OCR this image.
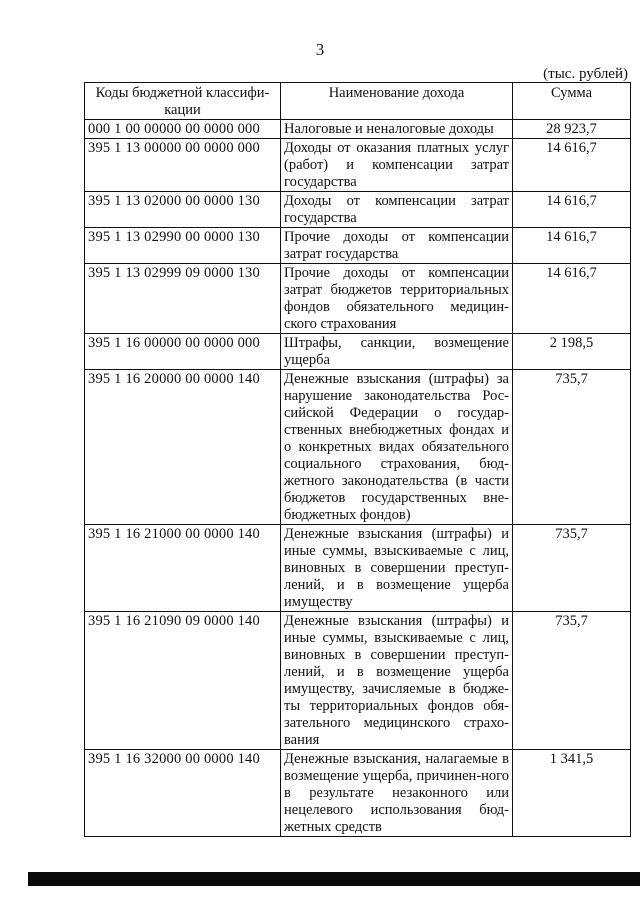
3
(тыс. рублей)
Коды бюджетной классифи-кации	Наименование дохода	Сумма
000 1 00 00000 00 0000 000	Налоговые и неналоговые доходы	28 923,7
395 1 13 00000 00 0000 000	Доходы от оказания платных услуг (работ) и компенсации затрат государства	14 616,7
395 1 13 02000 00 0000 130	Доходы от компенсации затрат государства	14 616,7
395 1 13 02990 00 0000 130	Прочие доходы от компенсации затрат государства	14 616,7
395 1 13 02999 09 0000 130	Прочие доходы от компенсации затрат бюджетов территориальных фондов обязательного медицин-ского страхования	14 616,7
395 1 16 00000 00 0000 000	Штрафы, санкции, возмещение ущерба	2 198,5
395 1 16 20000 00 0000 140	Денежные взыскания (штрафы) за нарушение законодательства Рос-сийской Федерации о государ-ственных внебюджетных фондах и о конкретных видах обязательного социального страхования, бюд-жетного законодательства (в части бюджетов государственных вне-бюджетных фондов)	735,7
395 1 16 21000 00 0000 140	Денежные взыскания (штрафы) и иные суммы, взыскиваемые с лиц, виновных в совершении преступ-лений, и в возмещение ущерба имуществу	735,7
395 1 16 21090 09 0000 140	Денежные взыскания (штрафы) и иные суммы, взыскиваемые с лиц, виновных в совершении преступ-лений, и в возмещение ущерба имуществу, зачисляемые в бюдже-ты территориальных фондов обя-зательного медицинского страхо-вания	735,7
395 1 16 32000 00 0000 140	Денежные взыскания, налагаемые в возмещение ущерба, причинен-ного в результате незаконного или нецелевого использования бюд-жетных средств	1 341,5
